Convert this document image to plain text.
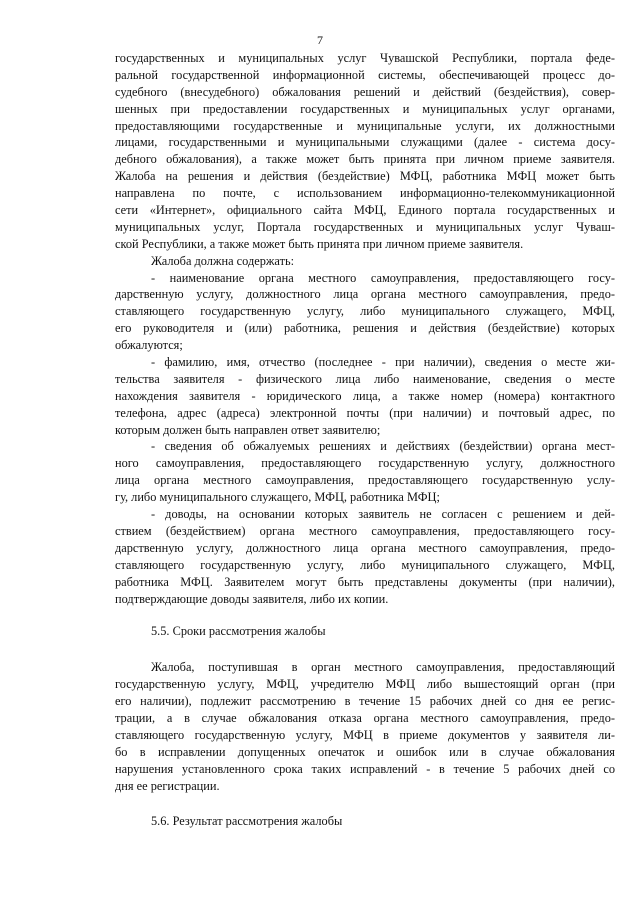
7
государственных и муниципальных услуг Чувашской Республики, портала феде-
ральной государственной информационной системы, обеспечивающей процесс до-
судебного (внесудебного) обжалования решений и действий (бездействия), совер-
шенных при предоставлении государственных и муниципальных услуг органами,
предоставляющими государственные и муниципальные услуги, их должностными
лицами, государственными и муниципальными служащими (далее - система досу-
дебного обжалования), а также может быть принята при личном приеме заявителя.
Жалоба на решения и действия (бездействие) МФЦ, работника МФЦ может быть
направлена по почте, с использованием информационно-телекоммуникационной
сети «Интернет», официального сайта МФЦ, Единого портала государственных и
муниципальных услуг, Портала государственных и муниципальных услуг Чуваш-
ской Республики, а также может быть принята при личном приеме заявителя.
Жалоба должна содержать:
- наименование органа местного самоуправления, предоставляющего госу-
дарственную услугу, должностного лица органа местного самоуправления, предо-
ставляющего государственную услугу, либо муниципального служащего, МФЦ,
его руководителя и (или) работника, решения и действия (бездействие) которых
обжалуются;
- фамилию, имя, отчество (последнее - при наличии), сведения о месте жи-
тельства заявителя - физического лица либо наименование, сведения о месте
нахождения заявителя - юридического лица, а также номер (номера) контактного
телефона, адрес (адреса) электронной почты (при наличии) и почтовый адрес, по
которым должен быть направлен ответ заявителю;
- сведения об обжалуемых решениях и действиях (бездействии) органа мест-
ного самоуправления, предоставляющего государственную услугу, должностного
лица органа местного самоуправления, предоставляющего государственную услу-
гу, либо муниципального служащего, МФЦ, работника МФЦ;
- доводы, на основании которых заявитель не согласен с решением и дей-
ствием (бездействием) органа местного самоуправления, предоставляющего госу-
дарственную услугу, должностного лица органа местного самоуправления, предо-
ставляющего государственную услугу, либо муниципального служащего, МФЦ,
работника МФЦ. Заявителем могут быть представлены документы (при наличии),
подтверждающие доводы заявителя, либо их копии.
5.5. Сроки рассмотрения жалобы
Жалоба, поступившая в орган местного самоуправления, предоставляющий
государственную услугу, МФЦ, учредителю МФЦ либо вышестоящий орган (при
его наличии), подлежит рассмотрению в течение 15 рабочих дней со дня ее регис-
трации, а в случае обжалования отказа органа местного самоуправления, предо-
ставляющего государственную услугу, МФЦ в приеме документов у заявителя ли-
бо в исправлении допущенных опечаток и ошибок или в случае обжалования
нарушения установленного срока таких исправлений - в течение 5 рабочих дней со
дня ее регистрации.
5.6. Результат рассмотрения жалобы
